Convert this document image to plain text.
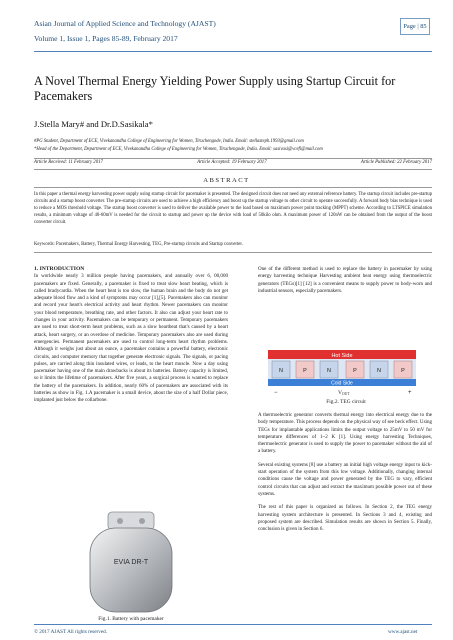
Asian Journal of Applied Science and Technology (AJAST)
Volume 1, Issue 1, Pages 85-89, February 2017
Page | 85
A Novel Thermal Energy Yielding Power Supply using Startup Circuit for Pacemakers
J.Stella Mary# and Dr.D.Sasikala*
#PG Student, Department of ECE, Vivekanandha College of Engineering for Women, Tiruchengode, India. Email: stellasteph.1993@gmail.com
*Head of the Department, Department of ECE, Vivekanandha College of Engineering for Women, Tiruchengode, India. Email: sasivasi@vcefi@mail.com
Article Received: 11 February 2017	Article Accepted: 19 February 2017	Article Published: 22 February 2017
ABSTRACT
In this paper a thermal energy harvesting power supply using startup circuit for pacemaker is presented. The designed circuit does not need any external reference battery. The startup circuit includes pre-startup circuits and a startup boost converter. The pre-startup circuits are used to achieve a high efficiency and boost up the startup voltage to other circuit to operate successfully. A forward body bias technique is used to reduce a MOS threshold voltage. The startup boost converter is used to deliver the available power to the load based on maximum power point tracking (MPPT) scheme. According to LTSPICE simulation results, a minimum voltage of 40-60mV is needed for the circuit to startup and power up the device with load of 50kilo ohm. A maximum power of 120nW can be obtained from the output of the boost converter circuit.
Keywords: Pacemakers, Battery, Thermal Energy Harvesting, TEG, Pre-startup circuits and Startup converter.
1. INTRODUCTION
In worldwide nearly 3 million people having pacemakers, and annually over 6, 00,000 pacemakers are fixed. Generally, a pacemaker is fixed to treat slow heart beating, which is called bradycardia. When the heart beat is too slow, the human brain and the body do not get adequate blood flow and a kind of symptoms may occur [1],[5]. Pacemakers also can monitor and record your heart's electrical activity and heart rhythm. Newer pacemakers can monitor your blood temperature, breathing rate, and other factors. It also can adjust your heart rate to changes in your activity. Pacemakers can be temporary or permanent. Temporary pacemakers are used to treat short-term heart problems, such as a slow heartbeat that's caused by a heart attack, heart surgery, or an overdose of medicine. Temporary pacemakers also are used during emergencies. Permanent pacemakers are used to control long-term heart rhythm problems. Although it weighs just about an ounce, a pacemaker contains a powerful battery, electronic circuits, and computer memory that together generate electronic signals. The signals, or pacing pulses, are carried along thin insulated wires, or leads, to the heart muscle. Now a day using pacemaker having one of the main drawbacks is about its batteries. Battery capacity is limited, so it limits the lifetime of pacemakers. After five years, a surgical process is wanted to replace the battery of the pacemakers. In addition, nearly 60% of pacemakers are associated with its batteries as show in Fig. 1.A pacemaker is a small device, about the size of a half Dollar piece, implanted just below the collarbone.
One of the different method is used to replace the battery in pacemaker by using energy harvesting technique Harvesting ambient heat energy using thermoelectric generators (TEGs)[1] [12] is a convenient means to supply power to body-worn and industrial sensors, especially pacemakers.
Hot Side
N	P	N	P	N	P
Cold Side
−	VOUT	+
Fig.2. TEG circuit
A thermoelectric generator converts thermal energy into electrical energy due to the body temperature. This process depends on the physical way of see beck effect. Using TEGs for implantable applications limits the output voltage to 25mV to 50 mV for temperature differences of 1~2 K [1]. Using energy harvesting Techniques, thermoelectric generator is used to supply the power to pacemaker without the aid of a battery.
Several existing systems [8] use a battery an initial high voltage energy input to kick-start operation of the system from this low voltage. Additionally, changing internal conditions cause the voltage and power generated by the TEG to vary, efficient control circuits that can adjust and extract the maximum possible power out of these systems.
The rest of this paper is organized as follows. In Section 2, the TEG energy harvesting system architecture is presented. In Sections 3 and 4, existing and proposed system are described. Simulation results are shown in Section 5. Finally, conclusion is given in Section 6.
EVIA DR-T
Fig.1. Battery with pacemaker
© 2017 AJAST All rights reserved.	www.ajast.net
